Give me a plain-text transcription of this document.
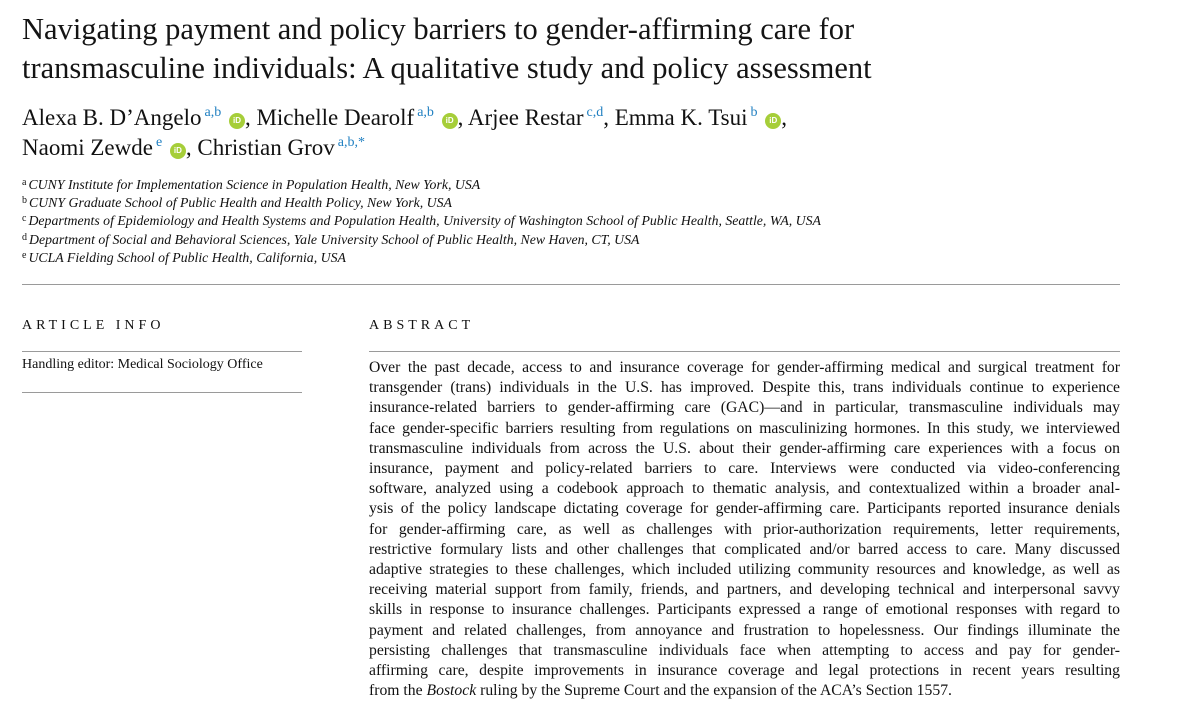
Navigating payment and policy barriers to gender-affirming care for
transmasculine individuals: A qualitative study and policy assessment
Alexa B. D’Angelo $^{a,b}$ iD , Michelle Dearolf $^{a,b}$ iD , Arjee Restar $^{c,d}$, Emma K. Tsui $^b$ iD ,
Naomi Zewde $^e$ iD , Christian Grov $^{a,b,*}$
$^a$ CUNY Institute for Implementation Science in Population Health, New York, USA
$^b$ CUNY Graduate School of Public Health and Health Policy, New York, USA
$^c$ Departments of Epidemiology and Health Systems and Population Health, University of Washington School of Public Health, Seattle, WA, USA
$^d$ Department of Social and Behavioral Sciences, Yale University School of Public Health, New Haven, CT, USA
$^e$ UCLA Fielding School of Public Health, California, USA
ARTICLE INFO	ABSTRACT
Handling editor: Medical Sociology Office	Over the past decade, access to and insurance coverage for gender-affirming medical and surgical treatment for
transgender (trans) individuals in the U.S. has improved. Despite this, trans individuals continue to experience
insurance-related barriers to gender-affirming care (GAC)—and in particular, transmasculine individuals may
face gender-specific barriers resulting from regulations on masculinizing hormones. In this study, we interviewed
transmasculine individuals from across the U.S. about their gender-affirming care experiences with a focus on
insurance, payment and policy-related barriers to care. Interviews were conducted via video-conferencing
software, analyzed using a codebook approach to thematic analysis, and contextualized within a broader anal-
ysis of the policy landscape dictating coverage for gender-affirming care. Participants reported insurance denials
for gender-affirming care, as well as challenges with prior-authorization requirements, letter requirements,
restrictive formulary lists and other challenges that complicated and/or barred access to care. Many discussed
adaptive strategies to these challenges, which included utilizing community resources and knowledge, as well as
receiving material support from family, friends, and partners, and developing technical and interpersonal savvy
skills in response to insurance challenges. Participants expressed a range of emotional responses with regard to
payment and related challenges, from annoyance and frustration to hopelessness. Our findings illuminate the
persisting challenges that transmasculine individuals face when attempting to access and pay for gender-
affirming care, despite improvements in insurance coverage and legal protections in recent years resulting
from the Bostock ruling by the Supreme Court and the expansion of the ACA’s Section 1557.
